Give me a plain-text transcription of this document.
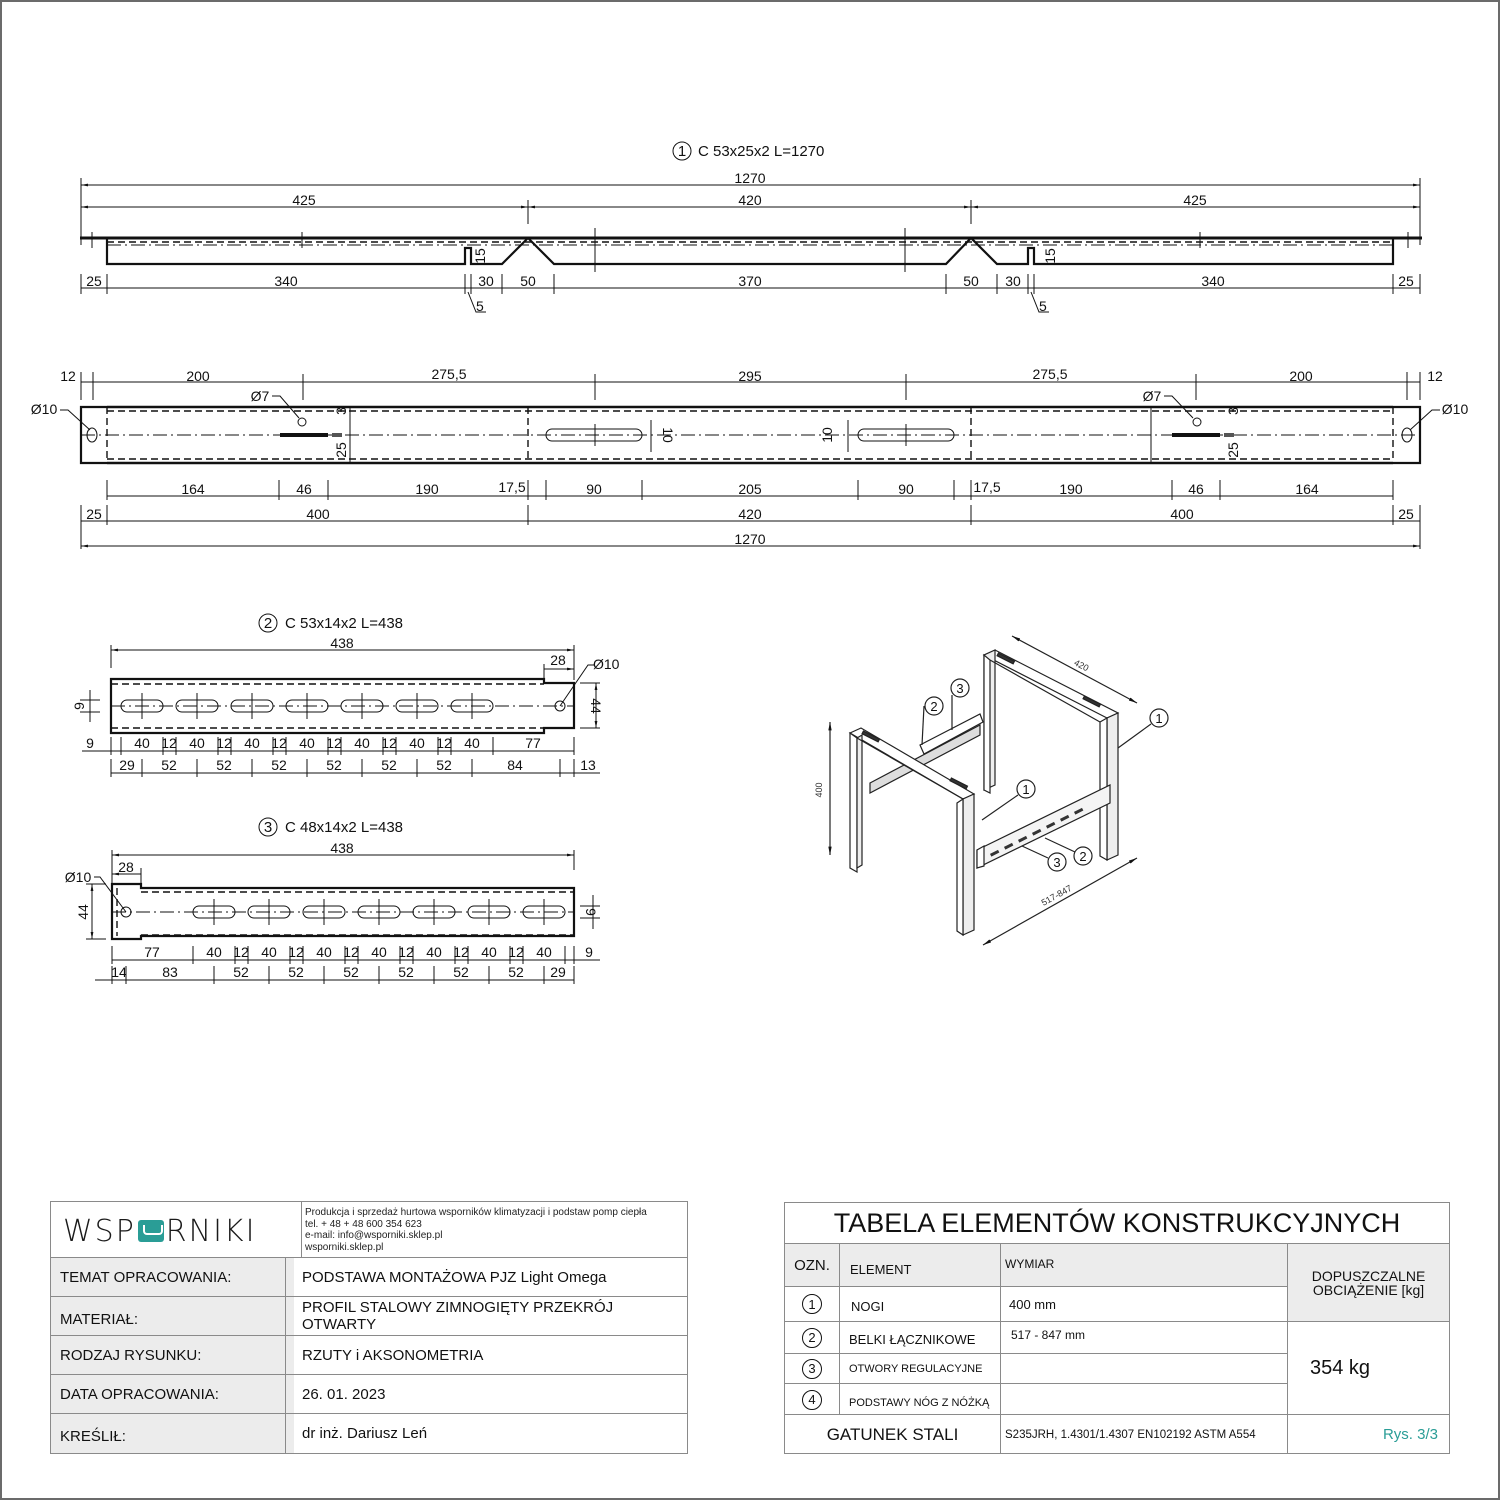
1 C 53x25x2 L=1270
1270
425	420	425
15	15
25	340	30 50	370	50 30	340	25
5	5
12	200	275,5	295	275,5	200	12
Ø10	Ø10
Ø7	Ø7
3
25
3
25
10	10
164	46	190	17,5	90	205	90	17,5	190	46	164
25	400	420	400	25
1270
2 C 53x14x2 L=438
438
28 Ø10
44
9
9	40 12 40 12 40 12 40 12 40 12 40 12 40	77
29 52	52	52	52	52	52	84	13
3 C 48x14x2 L=438
438
28
Ø10
44	9
77	40 12 40 12 40 12 40 12 40 12 40 12 40 9
14	83	52	52	52	52	52	52 29
400
420
517-847
1
1
2
3
3 2
WSP RNIKI
Produkcja i sprzedaż hurtowa wsporników klimatyzacji i podstaw pomp ciepła
tel. + 48 + 48 600 354 623
e-mail: info@wsporniki.sklep.pl
wsporniki.sklep.pl
TEMAT OPRACOWANIA:	PODSTAWA MONTAŻOWA PJZ Light Omega
MATERIAŁ:
PROFIL STALOWY ZIMNOGIĘTY PRZEKRÓJ OTWARTY
RODZAJ RYSUNKU:	RZUTY i AKSONOMETRIA
DATA OPRACOWANIA:	26. 01. 2023
KREŚLIŁ:	dr inż. Dariusz Leń
TABELA ELEMENTÓW KONSTRUKCYJNYCH
OZN.	ELEMENT	WYMIAR
DOPUSZCZALNE OBCIĄŻENIE [kg]
1	NOGI	400 mm
2	BELKI ŁĄCZNIKOWE	517 - 847 mm
3	OTWORY REGULACYJNE
4	PODSTAWY NÓG Z NÓŻKĄ
354 kg
GATUNEK STALI	S235JRH, 1.4301/1.4307 EN102192 ASTM A554	Rys. 3/3
